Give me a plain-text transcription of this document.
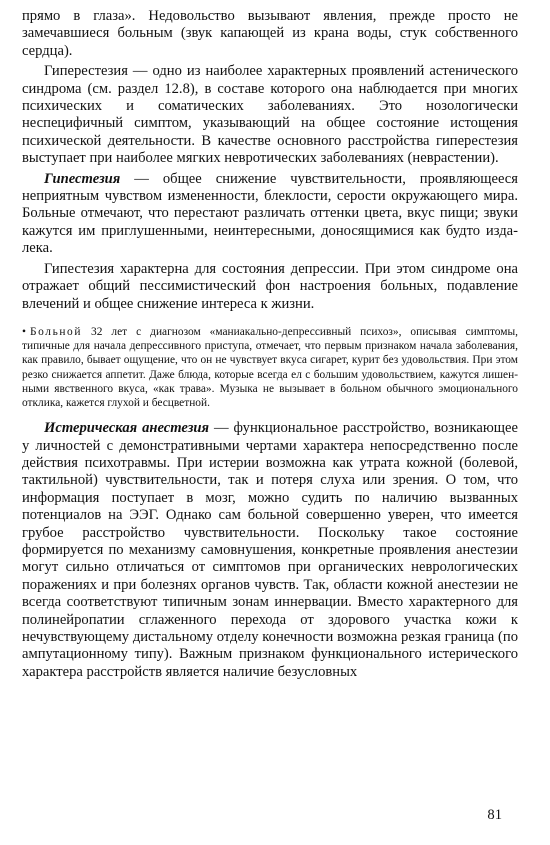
прямо в глаза». Недовольство вызывают явления, прежде просто не замечавшиеся больным (звук капающей из крана воды, стук собственного сердца).

Гиперестезия — одно из наиболее характерных проявлений астенического синдрома (см. раздел 12.8), в составе которого она наблюдается при многих психических и соматических заболеваниях. Это нозологически неспецифичный симптом, указывающий на общее состояние истощения психической деятельности. В качестве основного расстройства гиперестезия выступает при наиболее мягких невротических заболеваниях (неврастении).

Гипестезия — общее снижение чувствительности, проявляющееся неприятным чувством измененности, блеклости, серости окружающего мира. Больные отмечают, что перестают различать оттенки цвета, вкус пищи; звуки кажутся им приглушенными, неинтересными, доносящимися как будто издалека.

Гипестезия характерна для состояния депрессии. При этом синдроме она отражает общий пессимистический фон настроения больных, подавление влечений и общее снижение интереса к жизни.

• Больной 32 лет с диагнозом «маниакально-депрессивный психоз», описывая симптомы, типичные для начала депрессивного приступа, отмечает, что первым признаком начала заболевания, как правило, бывает ощущение, что он не чувствует вкуса сигарет, курит без удовольствия. При этом резко снижается аппетит. Даже блюда, которые всегда ел с большим удовольствием, кажутся лишенными явственного вкуса, «как трава». Музыка не вызывает в больном обычного эмоционального отклика, кажется глухой и бесцветной.

Истерическая анестезия — функциональное расстройство, возникающее у личностей с демонстративными чертами характера непосредственно после действия психотравмы. При истерии возможна как утрата кожной (болевой, тактильной) чувствительности, так и потеря слуха или зрения. О том, что информация поступает в мозг, можно судить по наличию вызванных потенциалов на ЭЭГ. Однако сам больной совершенно уверен, что имеется грубое расстройство чувствительности. Поскольку такое состояние формируется по механизму самовнушения, конкретные проявления анестезии могут сильно отличаться от симптомов при органических неврологических поражениях и при болезнях органов чувств. Так, области кожной анестезии не всегда соответствуют типичным зонам иннервации. Вместо характерного для полинейропатии сглаженного перехода от здорового участка кожи к нечувствующему дистальному отделу конечности возможна резкая граница (по ампутационному типу). Важным признаком функционального истерического характера расстройств является наличие безусловных

81
